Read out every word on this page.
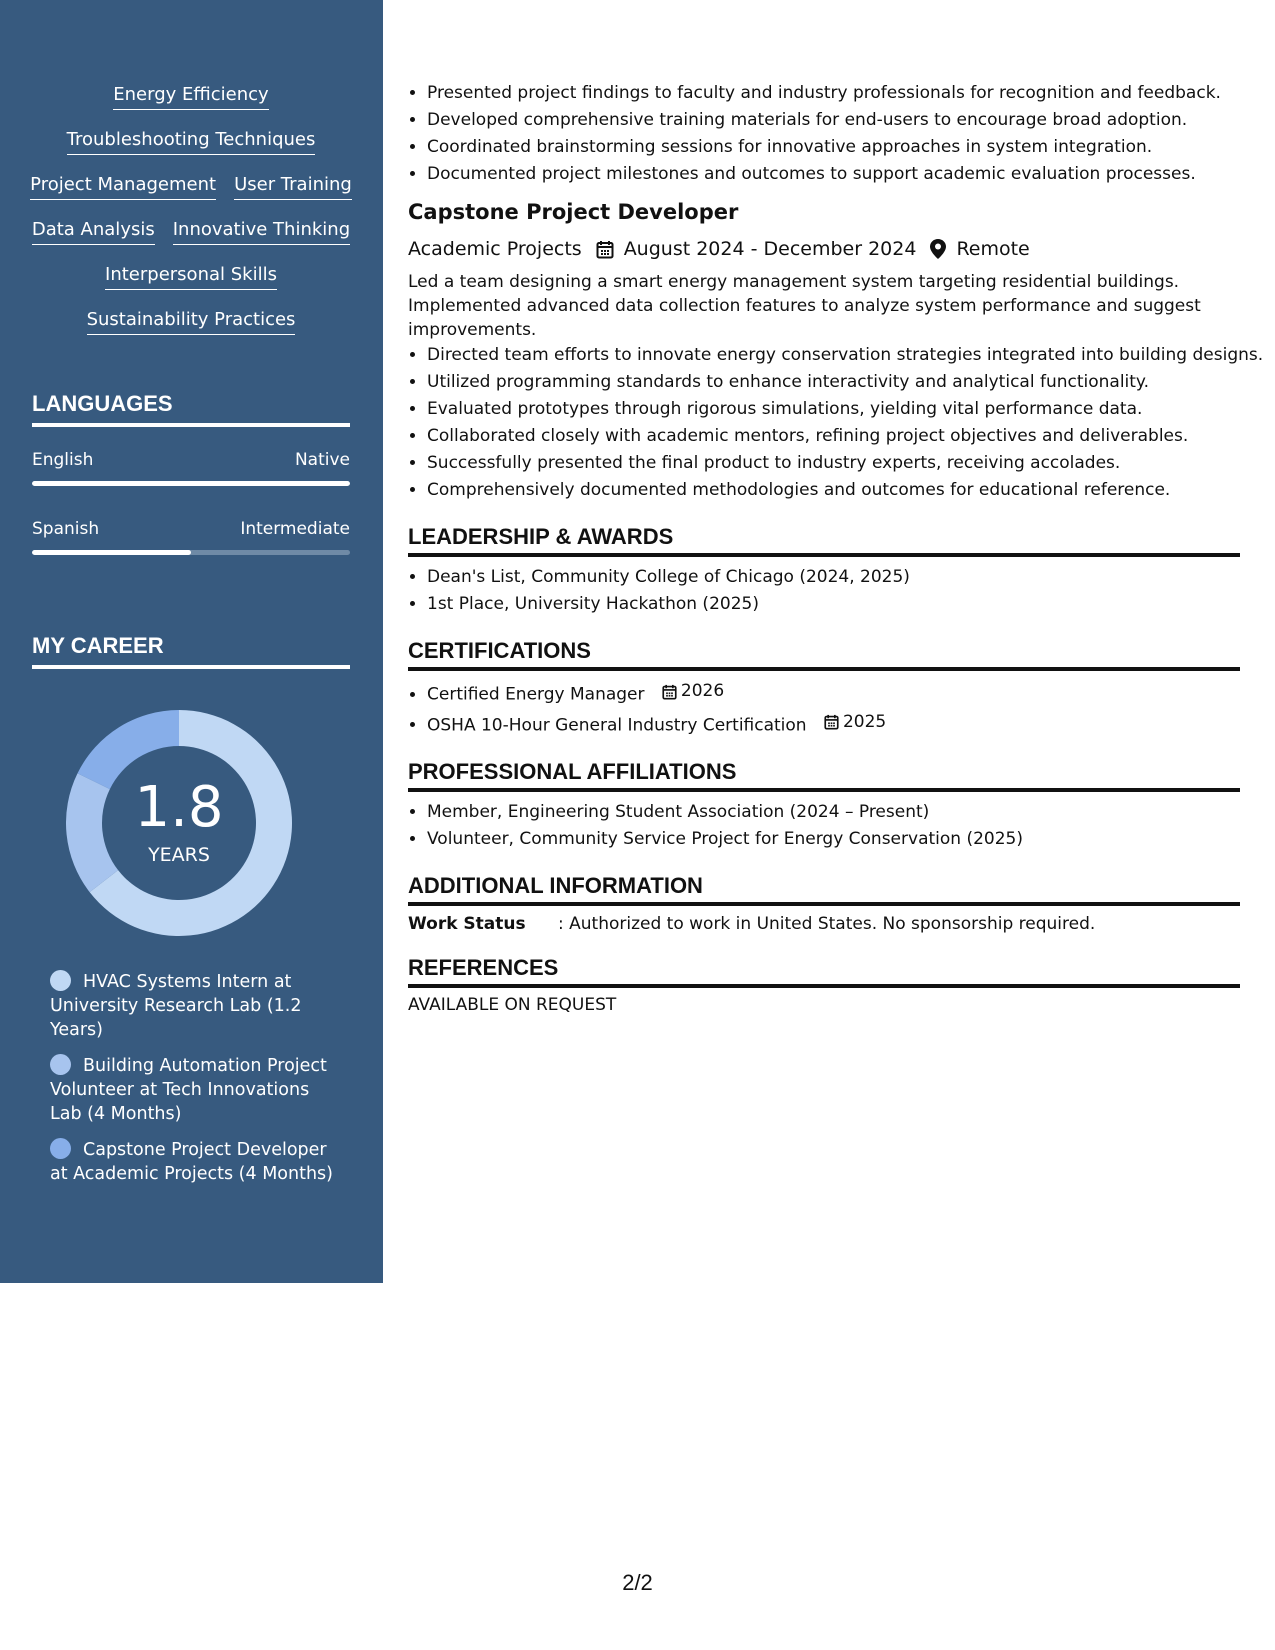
Energy Efficiency
Troubleshooting Techniques
Project Management User Training
Data Analysis Innovative Thinking
Interpersonal Skills
Sustainability Practices
LANGUAGES
English	Native
Spanish	Intermediate
MY CAREER
1.8
YEARS
HVAC Systems Intern at University Research Lab (1.2 Years)
Building Automation Project Volunteer at Tech Innovations Lab (4 Months)
Capstone Project Developer at Academic Projects (4 Months)
• Presented project findings to faculty and industry professionals for recognition and feedback.
• Developed comprehensive training materials for end-users to encourage broad adoption.
• Coordinated brainstorming sessions for innovative approaches in system integration.
• Documented project milestones and outcomes to support academic evaluation processes.
Capstone Project Developer
Academic Projects August 2024 - December 2024 Remote

Led a team designing a smart energy management system targeting residential buildings. Implemented advanced data collection features to analyze system performance and suggest improvements.

• Directed team efforts to innovate energy conservation strategies integrated into building designs.
• Utilized programming standards to enhance interactivity and analytical functionality.
• Evaluated prototypes through rigorous simulations, yielding vital performance data.
• Collaborated closely with academic mentors, refining project objectives and deliverables.
• Successfully presented the final product to industry experts, receiving accolades.
• Comprehensively documented methodologies and outcomes for educational reference.
LEADERSHIP & AWARDS
• Dean's List, Community College of Chicago (2024, 2025)
• 1st Place, University Hackathon (2025)
CERTIFICATIONS
• Certified Energy Manager 2026
• OSHA 10-Hour General Industry Certification 2025
PROFESSIONAL AFFILIATIONS
• Member, Engineering Student Association (2024 – Present)
• Volunteer, Community Service Project for Energy Conservation (2025)
ADDITIONAL INFORMATION
Work Status	: Authorized to work in United States. No sponsorship required.
REFERENCES
AVAILABLE ON REQUEST
2/2
